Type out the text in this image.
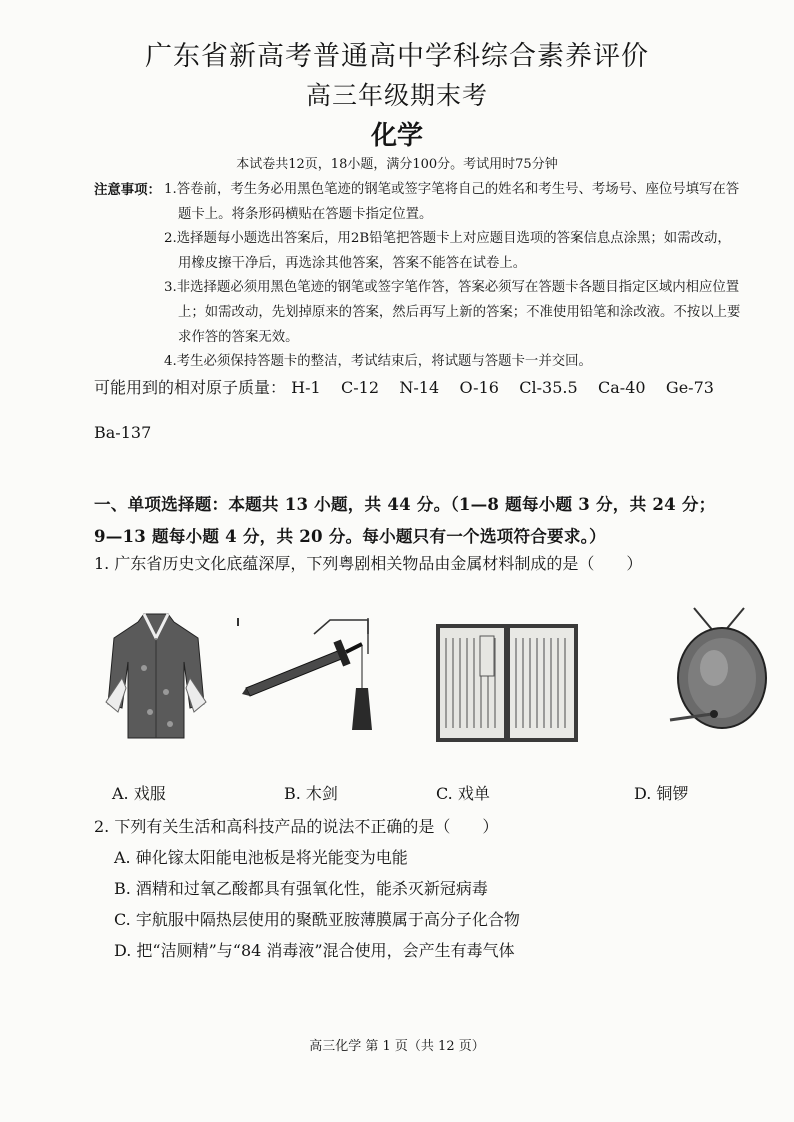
广东省新高考普通高中学科综合素养评价
高三年级期末考
化学
本试卷共12页，18小题，满分100分。考试用时75分钟
注意事项： 1.答卷前，考生务必用黑色笔迹的钢笔或签字笔将自己的姓名和考生号、考场号、座位号填写在答
题卡上。将条形码横贴在答题卡指定位置。
2.选择题每小题选出答案后，用2B铅笔把答题卡上对应题目选项的答案信息点涂黑；如需改动，
用橡皮擦干净后，再选涂其他答案，答案不能答在试卷上。
3.非选择题必须用黑色笔迹的钢笔或签字笔作答，答案必须写在答题卡各题目指定区域内相应位置
上；如需改动，先划掉原来的答案，然后再写上新的答案；不准使用铅笔和涂改液。不按以上要
求作答的答案无效。
4.考生必须保持答题卡的整洁，考试结束后，将试题与答题卡一并交回。
可能用到的相对原子质量： H-1 C-12 N-14 O-16 Cl-35.5 Ca-40 Ge-73
Ba-137
一、单项选择题：本题共 13 小题，共 44 分。（1—8 题每小题 3 分，共 24 分；
9—13 题每小题 4 分，共 20 分。每小题只有一个选项符合要求。）
1. 广东省历史文化底蕴深厚，下列粤剧相关物品由金属材料制成的是（　　）
A. 戏服	B. 木剑	C. 戏单	D. 铜锣
2. 下列有关生活和高科技产品的说法不正确的是（　　）
A. 砷化镓太阳能电池板是将光能变为电能
B. 酒精和过氧乙酸都具有强氧化性，能杀灭新冠病毒
C. 宇航服中隔热层使用的聚酰亚胺薄膜属于高分子化合物
D. 把“洁厕精”与“84 消毒液”混合使用，会产生有毒气体
高三化学 第 1 页（共 12 页）
